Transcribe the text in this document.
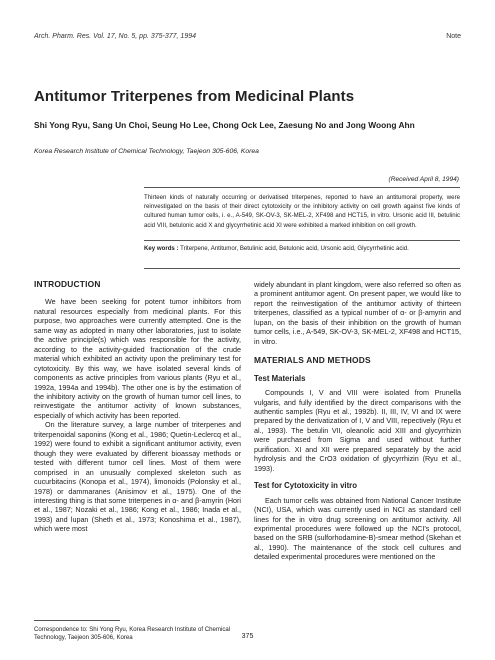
Arch. Pharm. Res. Vol. 17, No. 5, pp. 375-377, 1994	Note
Antitumor Triterpenes from Medicinal Plants
Shi Yong Ryu, Sang Un Choi, Seung Ho Lee, Chong Ock Lee, Zaesung No and Jong Woong Ahn
Korea Research Institute of Chemical Technology, Taejeon 305-606, Korea
(Received April 8, 1994)
Thirteen kinds of naturally occurring or derivatised triterpenes, reported to have an antitumoral property, were reinvestigated on the basis of their direct cytotoxicity or the inhibitory activity on cell growth against five kinds of cultured human tumor cells, i. e., A-549, SK-OV-3, SK-MEL-2, XF498 and HCT15, in vitro. Ursonic acid III, betulinic acid VIII, betulonic acid X and glycyrrhetinic acid XI were exhibited a marked inhibition on cell growth.
Key words : Triterpene, Antitumor, Betulinic acid, Betulonic acid, Ursonic acid, Glycyrrhetinic acid.
INTRODUCTION

We have been seeking for potent tumor inhibitors from natural resources especially from medicinal plants. For this purpose, two approaches were currently attempted. One is the same way as adopted in many other laboratories, just to isolate the active principle(s) which was responsible for the activity, according to the activity-guided fractionation of the crude material which exhibited an activity upon the preliminary test for cytotoxicity. By this way, we have isolated several kinds of components as active principles from various plants (Ryu et al., 1992a, 1994a and 1994b). The other one is by the estimation of the inhibitory activity on the growth of human tumor cell lines, to reinvestigate the antitumor activity of known substances, especially of which activity has been reported.

On the literature survey, a large number of triterpenes and triterpenoidal saponins (Kong et al., 1986; Quetin-Leclercq et al., 1992) were found to exhibit a significant antitumor activity, even though they were evaluated by different bioassay methods or tested with different tumor cell lines. Most of them were comprised in an unusually complexed skeleton such as cucurbitacins (Konopa et al., 1974), limonoids (Polonsky et al., 1978) or dammaranes (Anisimov et al., 1975). One of the interesting thing is that some triterpenes in α- and β-amyrin (Hori et al., 1987; Nozaki et al., 1986; Kong et al., 1986; Inada et al., 1993) and lupan (Sheth et al., 1973; Konoshima et al., 1987), which were most

Correspondence to: Shi Yong Ryu, Korea Research Institute of Chemical Technology, Taejeon 305-606, Korea

widely abundant in plant kingdom, were also referred so often as a prominent antitumor agent. On present paper, we would like to report the reinvestigation of the antitumor activity of thirteen triterpenes, classified as a typical number of α- or β-amyrin and lupan, on the basis of their inhibition on the growth of human tumor cells, i.e., A-549, SK-OV-3, SK-MEL-2, XF498 and HCT15, in vitro.

MATERIALS AND METHODS
Test Materials

Compounds I, V and VIII were isolated from Prunella vulgaris, and fully identified by the direct comparisons with the authentic samples (Ryu et al., 1992b). II, III, IV, VI and IX were prepared by the derivatization of I, V and VIII, repectively (Ryu et al., 1993). The betulin VII, oleanolic acid XIII and glycyrrhizin were purchased from Sigma and used without further purification. XI and XII were prepared separately by the acid hydrolysis and the CrO3 oxidation of glycyrrhizin (Ryu et al., 1993).

Test for Cytotoxicity in vitro

Each tumor cells was obtained from National Cancer Institute (NCI), USA, which was currently used in NCI as standard cell lines for the in vitro drug screening on antitumor activity. All exprimental procedures were followed up the NCI's protocol, based on the SRB (sulforhodamine-B)-smear method (Skehan et al., 1990). The maintenance of the stock cell cultures and detailed experimental procedures were mentioned on the

375
